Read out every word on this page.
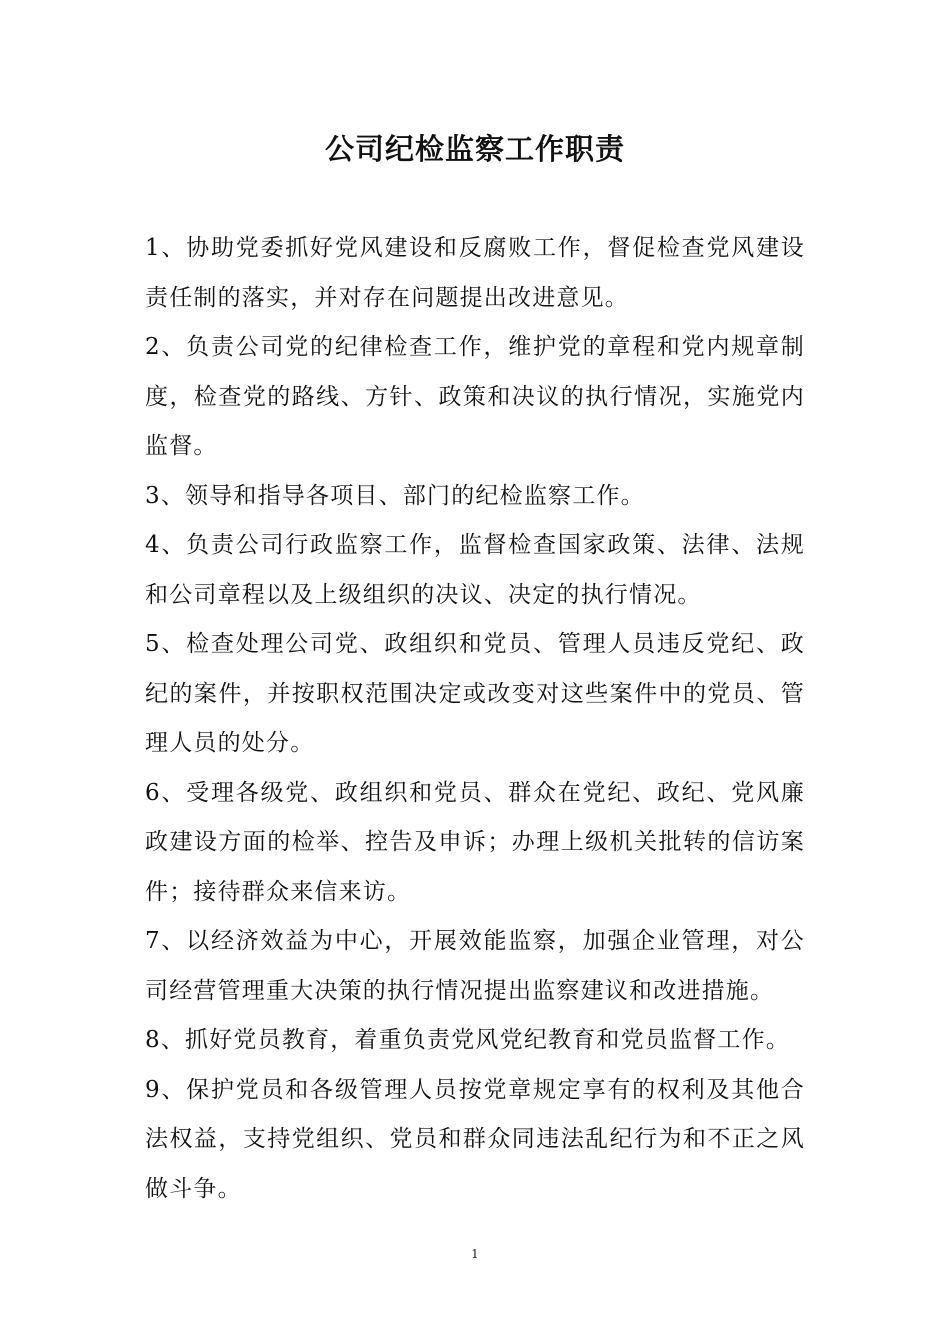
公司纪检监察工作职责

1、协助党委抓好党风建设和反腐败工作，督促检查党风建设责任制的落实，并对存在问题提出改进意见。

2、负责公司党的纪律检查工作，维护党的章程和党内规章制度，检查党的路线、方针、政策和决议的执行情况，实施党内监督。

3、领导和指导各项目、部门的纪检监察工作。

4、负责公司行政监察工作，监督检查国家政策、法律、法规和公司章程以及上级组织的决议、决定的执行情况。

5、检查处理公司党、政组织和党员、管理人员违反党纪、政纪的案件，并按职权范围决定或改变对这些案件中的党员、管理人员的处分。

6、受理各级党、政组织和党员、群众在党纪、政纪、党风廉政建设方面的检举、控告及申诉；办理上级机关批转的信访案件；接待群众来信来访。

7、以经济效益为中心，开展效能监察，加强企业管理，对公司经营管理重大决策的执行情况提出监察建议和改进措施。

8、抓好党员教育，着重负责党风党纪教育和党员监督工作。

9、保护党员和各级管理人员按党章规定享有的权利及其他合法权益，支持党组织、党员和群众同违法乱纪行为和不正之风做斗争。

1
